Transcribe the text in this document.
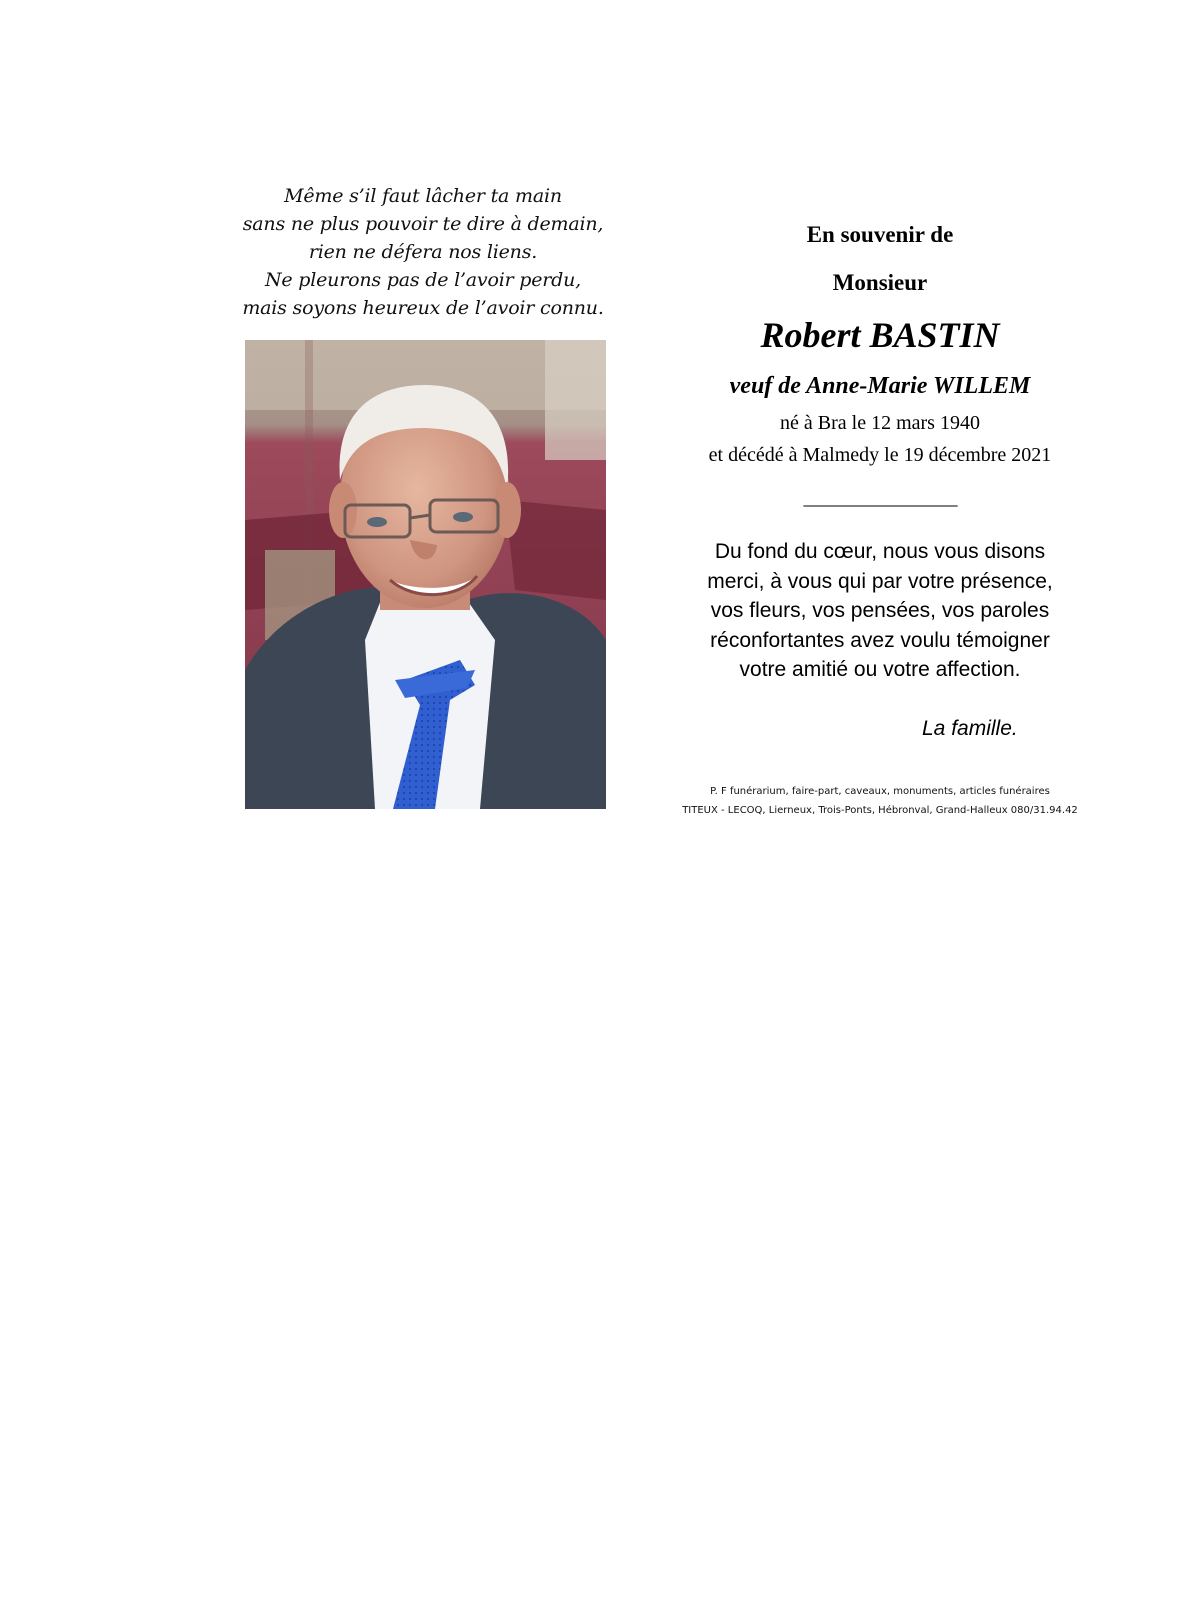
Même s’il faut lâcher ta main
sans ne plus pouvoir te dire à demain,
rien ne défera nos liens.
Ne pleurons pas de l’avoir perdu,
mais soyons heureux de l’avoir connu.
En souvenir de
Monsieur
Robert BASTIN
veuf de Anne-Marie WILLEM
né à Bra le 12 mars 1940
et décédé à Malmedy le 19 décembre 2021
_________________
Du fond du cœur, nous vous disons
merci, à vous qui par votre présence,
vos fleurs, vos pensées, vos paroles
réconfortantes avez voulu témoigner
votre amitié ou votre affection.
La famille.
P. F funérarium, faire-part, caveaux, monuments, articles funéraires
TITEUX - LECOQ, Lierneux, Trois-Ponts, Hébronval, Grand-Halleux 080/31.94.42
